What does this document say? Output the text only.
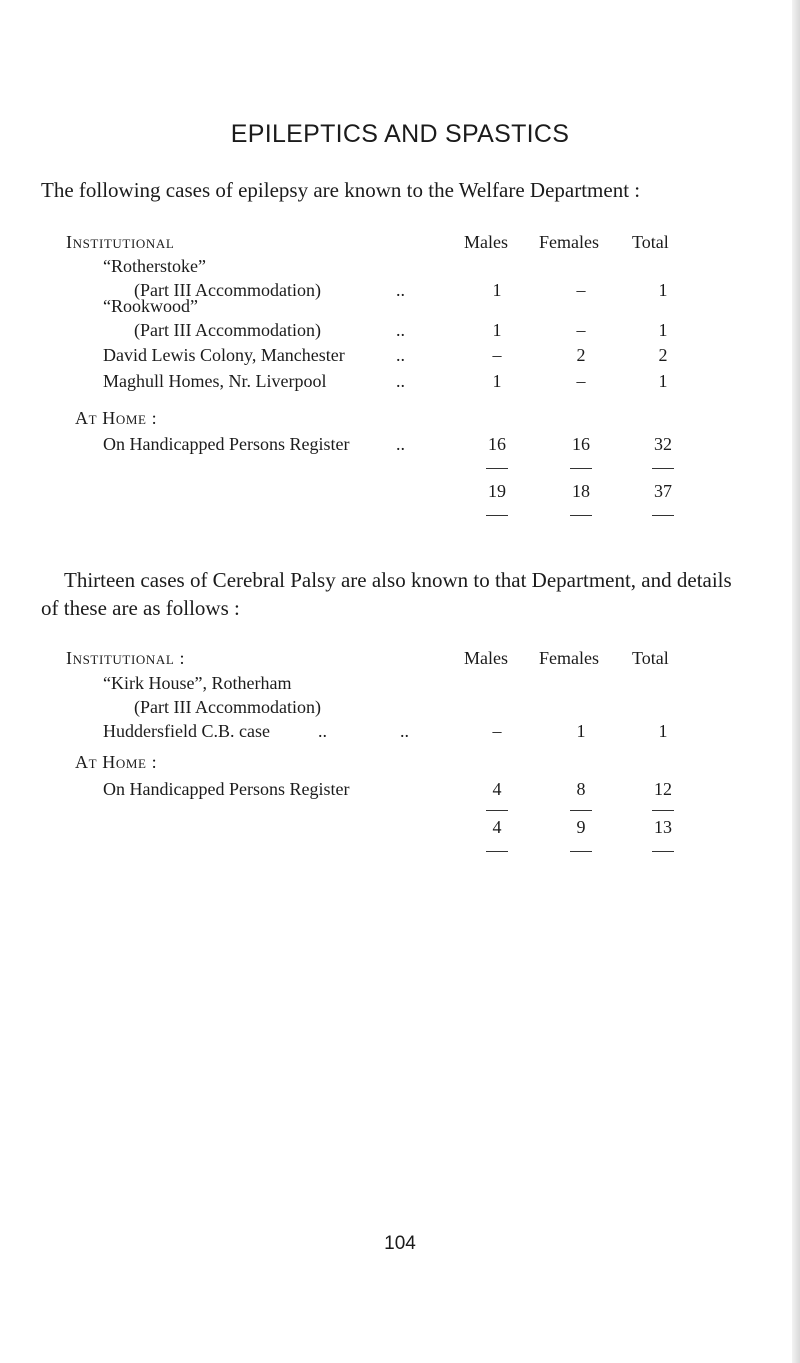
EPILEPTICS AND SPASTICS
The following cases of epilepsy are known to the Welfare Department :
Institutional	Males Females Total
“Rotherstoke”
(Part III Accommodation)	..	1	–	1
“Rookwood”
(Part III Accommodation)	..	1	–	1
David Lewis Colony, Manchester	..	–	2	2
Maghull Homes, Nr. Liverpool	..	1	–	1
At Home :
On Handicapped Persons Register	..	16	16	32
19	18	37
Thirteen cases of Cerebral Palsy are also known to that Department, and details
of these are as follows :
Institutional :	Males Females Total
“Kirk House”, Rotherham
(Part III Accommodation)
Huddersfield C.B. case	..	..	–	1	1
At Home :
On Handicapped Persons Register	4	8	12
4	9	13
104
